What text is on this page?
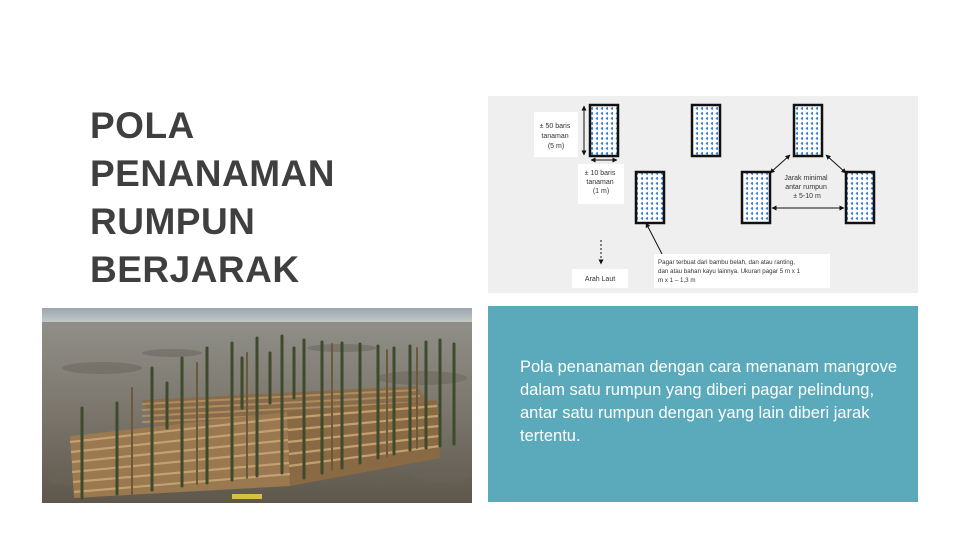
POLA
PENANAMAN
RUMPUN
BERJARAK
± 50 baris tanaman (5 m)
± 10 baris tanaman (1 m)
Jarak minimal antar rumpun ± 5-10 m
Pagar terbuat dari bambu belah, dan atau ranting, dan atau bahan kayu lainnya. Ukuran pagar 5 m x 1 m x 1 – 1,3 m
Arah Laut

Pola penanaman dengan cara menanam mangrove dalam satu rumpun yang diberi pagar pelindung, antar satu rumpun dengan yang lain diberi jarak tertentu.
